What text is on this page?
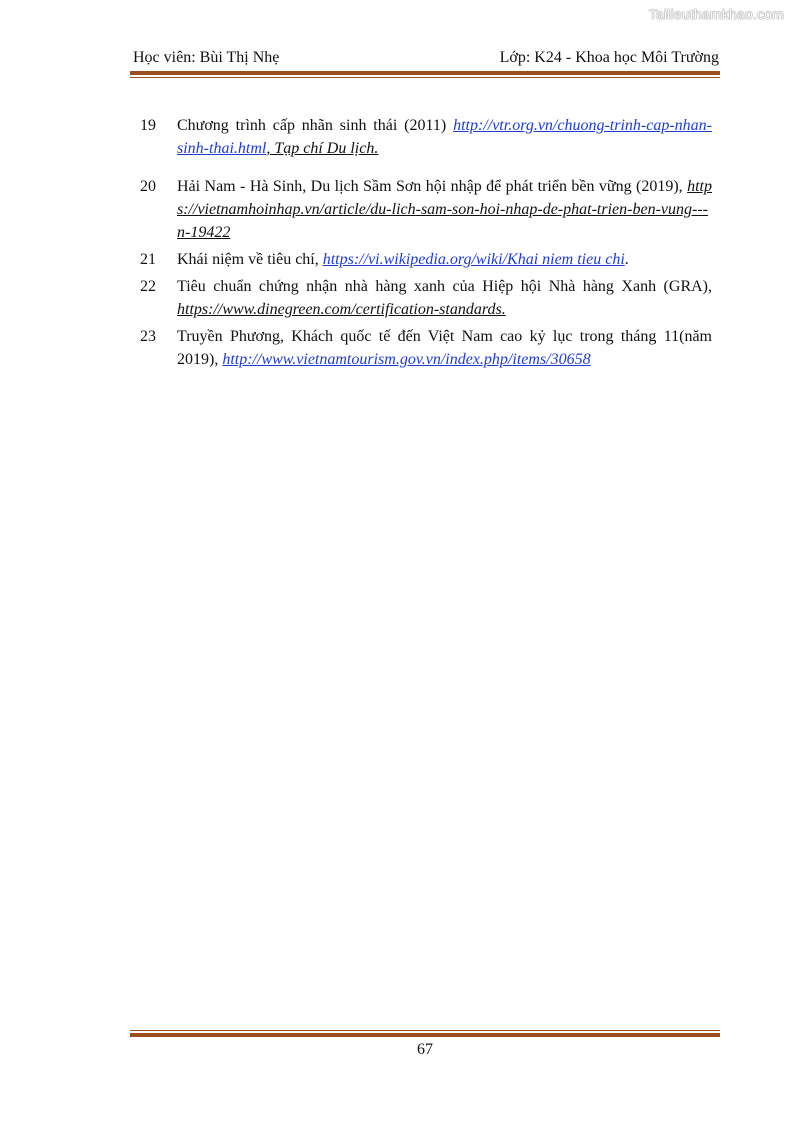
Tailieuthamkhao.com
Học viên: Bùi Thị Nhẹ	Lớp: K24 - Khoa học Môi Trường
19	Chương trình cấp nhãn sinh thái (2011) http://vtr.org.vn/chuong-trinh-cap-nhan-sinh-thai.html, Tạp chí Du lịch.
20	Hải Nam - Hà Sinh, Du lịch Sầm Sơn hội nhập để phát triển bền vững (2019), https://vietnamhoinhap.vn/article/du-lich-sam-son-hoi-nhap-de-phat-trien-ben-vung---n-19422
21	Khái niệm về tiêu chí, https://vi.wikipedia.org/wiki/Khai niem tieu chi.
22	Tiêu chuẩn chứng nhận nhà hàng xanh của Hiệp hội Nhà hàng Xanh (GRA), https://www.dinegreen.com/certification-standards.
23	Truyền Phương, Khách quốc tế đến Việt Nam cao kỷ lục trong tháng 11(năm 2019), http://www.vietnamtourism.gov.vn/index.php/items/30658
67
